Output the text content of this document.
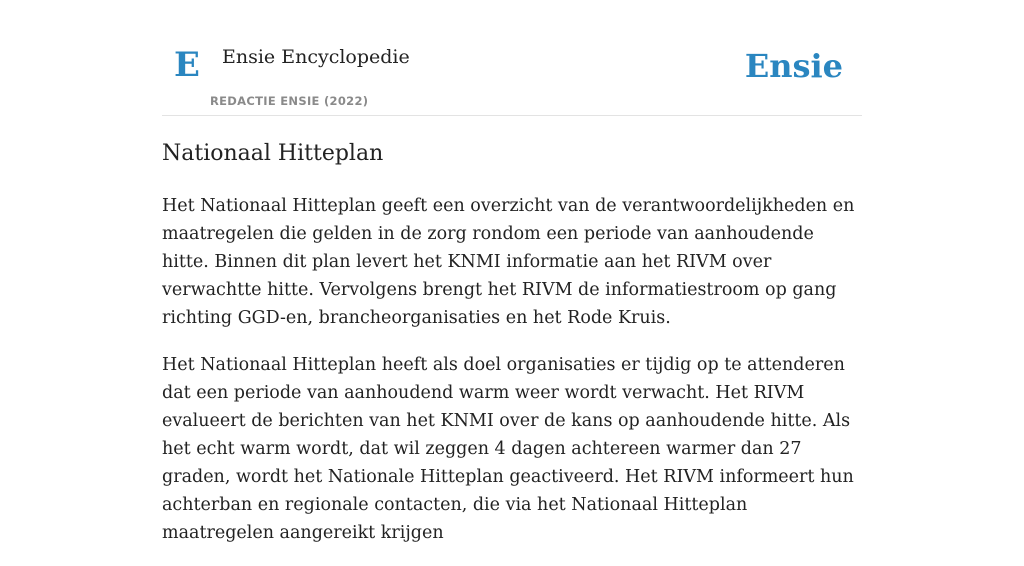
E Ensie Encyclopedie
REDACTIE ENSIE (2022)
Ensie
Nationaal Hitteplan

Het Nationaal Hitteplan geeft een overzicht van de verantwoordelijkheden en maatregelen die gelden in de zorg rondom een periode van aanhoudende hitte. Binnen dit plan levert het KNMI informatie aan het RIVM over verwachtte hitte. Vervolgens brengt het RIVM de informatiestroom op gang richting GGD-en, brancheorganisaties en het Rode Kruis.

Het Nationaal Hitteplan heeft als doel organisaties er tijdig op te attenderen dat een periode van aanhoudend warm weer wordt verwacht. Het RIVM evalueert de berichten van het KNMI over de kans op aanhoudende hitte. Als het echt warm wordt, dat wil zeggen 4 dagen achtereen warmer dan 27 graden, wordt het Nationale Hitteplan geactiveerd. Het RIVM informeert hun achterban en regionale contacten, die via het Nationaal Hitteplan maatregelen aangereikt krijgen
